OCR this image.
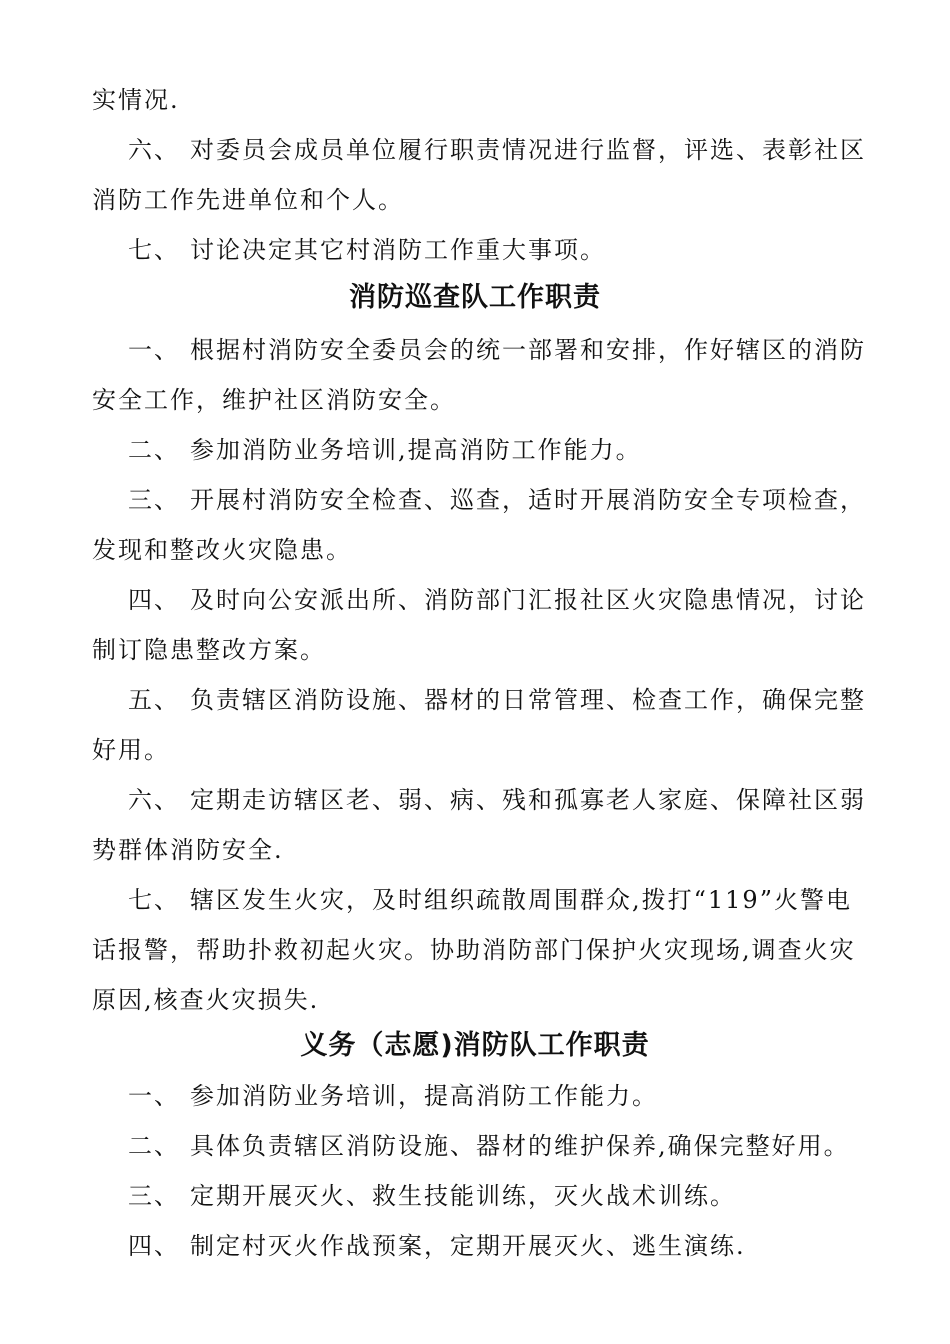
实情况.
六、 对委员会成员单位履行职责情况进行监督，评选、表彰社区
消防工作先进单位和个人。
七、 讨论决定其它村消防工作重大事项。
消防巡查队工作职责
一、 根据村消防安全委员会的统一部署和安排，作好辖区的消防
安全工作，维护社区消防安全。
二、 参加消防业务培训,提高消防工作能力。
三、 开展村消防安全检查、巡查，适时开展消防安全专项检查，
发现和整改火灾隐患。
四、 及时向公安派出所、消防部门汇报社区火灾隐患情况，讨论
制订隐患整改方案。
五、 负责辖区消防设施、器材的日常管理、检查工作，确保完整
好用。
六、 定期走访辖区老、弱、病、残和孤寡老人家庭、保障社区弱
势群体消防安全.
七、 辖区发生火灾，及时组织疏散周围群众,拨打“119”火警电
话报警，帮助扑救初起火灾。协助消防部门保护火灾现场,调查火灾
原因,核查火灾损失.
义务（志愿)消防队工作职责
一、 参加消防业务培训，提高消防工作能力。
二、 具体负责辖区消防设施、器材的维护保养,确保完整好用。
三、 定期开展灭火、救生技能训练，灭火战术训练。
四、 制定村灭火作战预案，定期开展灭火、逃生演练.
